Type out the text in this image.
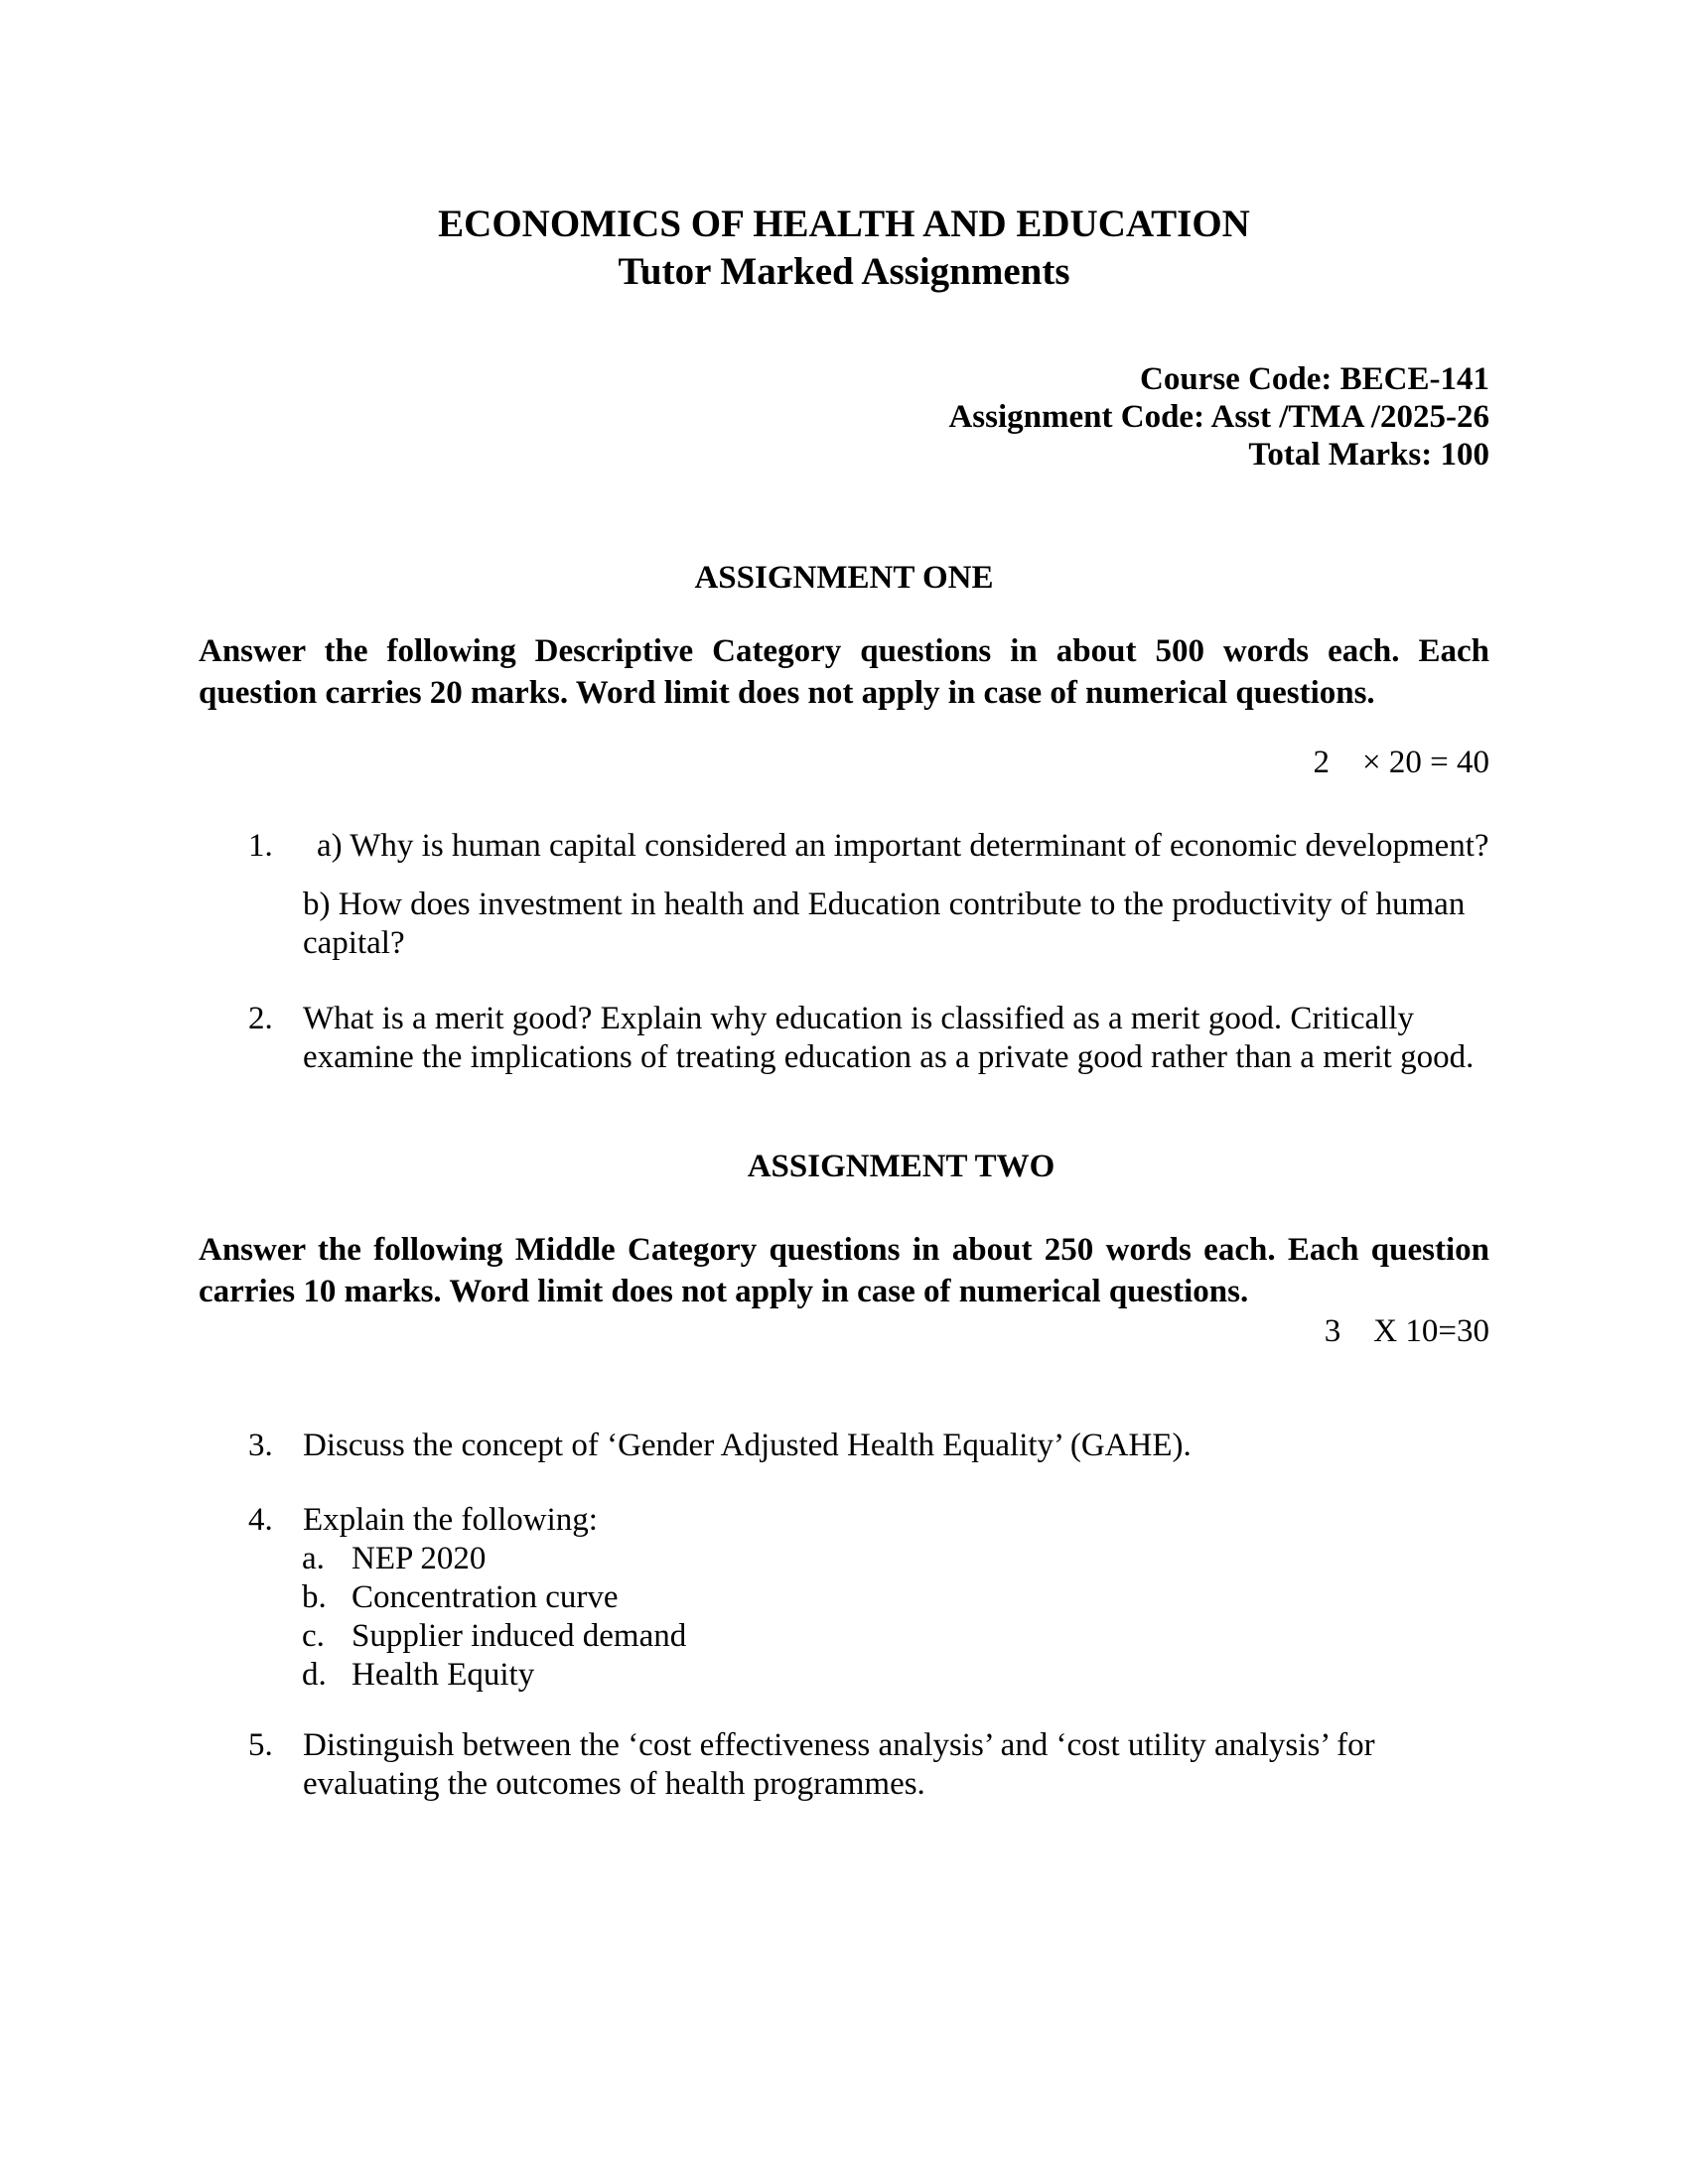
ECONOMICS OF HEALTH AND EDUCATION
Tutor Marked Assignments
Course Code: BECE-141
Assignment Code: Asst /TMA /2025-26
Total Marks: 100
ASSIGNMENT ONE
Answer the following Descriptive Category questions in about 500 words each. Each question carries 20 marks. Word limit does not apply in case of numerical questions.
2    × 20 = 40
1.	a) Why is human capital considered an important determinant of economic development?
b) How does investment in health and Education contribute to the productivity of human capital?
2. What is a merit good? Explain why education is classified as a merit good. Critically examine the implications of treating education as a private good rather than a merit good.
ASSIGNMENT TWO
Answer the following Middle Category questions in about 250 words each. Each question carries 10 marks. Word limit does not apply in case of numerical questions.
3    X 10=30
3. Discuss the concept of ‘Gender Adjusted Health Equality’ (GAHE).
4. Explain the following:
a. NEP 2020
b. Concentration curve
c. Supplier induced demand
d. Health Equity
5. Distinguish between the ‘cost effectiveness analysis’ and ‘cost utility analysis’ for evaluating the outcomes of health programmes.
